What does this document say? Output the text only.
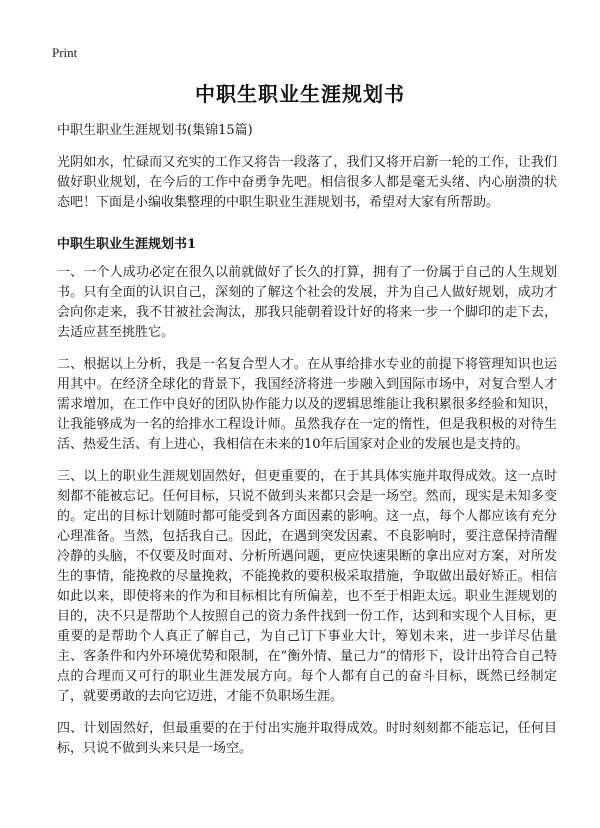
Print
中职生职业生涯规划书

中职生职业生涯规划书(集锦15篇)

光阴如水，忙碌而又充实的工作又将告一段落了，我们又将开启新一轮的工作，让我们做好职业规划，在今后的工作中奋勇争先吧。相信很多人都是毫无头绪、内心崩溃的状态吧！下面是小编收集整理的中职生职业生涯规划书，希望对大家有所帮助。

中职生职业生涯规划书1

一、一个人成功必定在很久以前就做好了长久的打算，拥有了一份属于自己的人生规划书。只有全面的认识自己，深刻的了解这个社会的发展，并为自己人做好规划，成功才会向你走来，我不甘被社会淘汰，那我只能朝着设计好的将来一步一个脚印的走下去，去适应甚至挑胜它。

二、根据以上分析，我是一名复合型人才。在从事给排水专业的前提下将管理知识也运用其中。在经济全球化的背景下，我国经济将进一步融入到国际市场中，对复合型人才需求增加，在工作中良好的团队协作能力以及的逻辑思维能让我积累很多经验和知识，让我能够成为一名的给排水工程设计师。虽然我存在一定的惰性，但是我积极的对待生活、热爱生活、有上进心，我相信在未来的10年后国家对企业的发展也是支持的。

三、以上的职业生涯规划固然好，但更重要的，在于其具体实施并取得成效。这一点时刻都不能被忘记。任何目标，只说不做到头来都只会是一场空。然而，现实是未知多变的。定出的目标计划随时都可能受到各方面因素的影响。这一点，每个人都应该有充分心理准备。当然，包括我自己。因此，在遇到突发因素、不良影响时，要注意保持清醒冷静的头脑，不仅要及时面对、分析所遇问题，更应快速果断的拿出应对方案，对所发生的事情，能挽救的尽量挽救，不能挽救的要积极采取措施，争取做出最好矫正。相信如此以来，即使将来的作为和目标相比有所偏差，也不至于相距太远。职业生涯规划的目的，决不只是帮助个人按照自己的资力条件找到一份工作，达到和实现个人目标，更重要的是帮助个人真正了解自己，为自己订下事业大计，筹划未来，进一步详尽估量主、客条件和内外环境优势和限制，在“衡外情、量己力”的情形下，设计出符合自己特点的合理而又可行的职业生涯发展方向。每个人都有自己的奋斗目标，既然已经制定了，就要勇敢的去向它迈进，才能不负职场生涯。

四、计划固然好，但最重要的在于付出实施并取得成效。时时刻刻都不能忘记，任何目标，只说不做到头来只是一场空。
